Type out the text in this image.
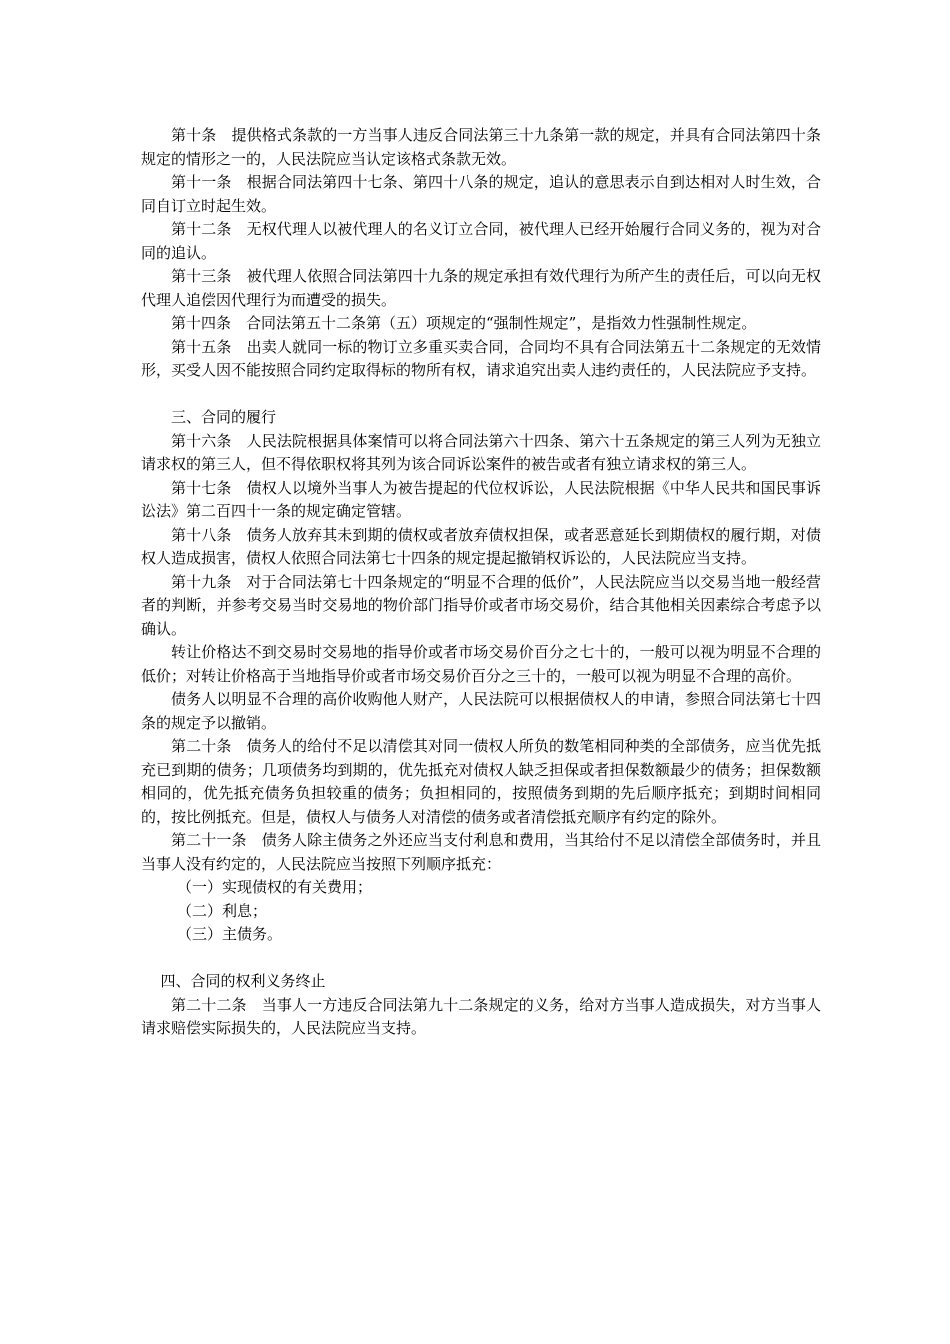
第十条　提供格式条款的一方当事人违反合同法第三十九条第一款的规定，并具有合同法第四十条规定的情形之一的，人民法院应当认定该格式条款无效。

第十一条　根据合同法第四十七条、第四十八条的规定，追认的意思表示自到达相对人时生效，合同自订立时起生效。

第十二条　无权代理人以被代理人的名义订立合同，被代理人已经开始履行合同义务的，视为对合同的追认。

第十三条　被代理人依照合同法第四十九条的规定承担有效代理行为所产生的责任后，可以向无权代理人追偿因代理行为而遭受的损失。

第十四条　合同法第五十二条第（五）项规定的“强制性规定”，是指效力性强制性规定。

第十五条　出卖人就同一标的物订立多重买卖合同，合同均不具有合同法第五十二条规定的无效情形，买受人因不能按照合同约定取得标的物所有权，请求追究出卖人违约责任的，人民法院应予支持。

三、合同的履行

第十六条　人民法院根据具体案情可以将合同法第六十四条、第六十五条规定的第三人列为无独立请求权的第三人，但不得依职权将其列为该合同诉讼案件的被告或者有独立请求权的第三人。

第十七条　债权人以境外当事人为被告提起的代位权诉讼，人民法院根据《中华人民共和国民事诉讼法》第二百四十一条的规定确定管辖。

第十八条　债务人放弃其未到期的债权或者放弃债权担保，或者恶意延长到期债权的履行期，对债权人造成损害，债权人依照合同法第七十四条的规定提起撤销权诉讼的，人民法院应当支持。

第十九条　对于合同法第七十四条规定的“明显不合理的低价”，人民法院应当以交易当地一般经营者的判断，并参考交易当时交易地的物价部门指导价或者市场交易价，结合其他相关因素综合考虑予以确认。

转让价格达不到交易时交易地的指导价或者市场交易价百分之七十的，一般可以视为明显不合理的低价；对转让价格高于当地指导价或者市场交易价百分之三十的，一般可以视为明显不合理的高价。

债务人以明显不合理的高价收购他人财产，人民法院可以根据债权人的申请，参照合同法第七十四条的规定予以撤销。

第二十条　债务人的给付不足以清偿其对同一债权人所负的数笔相同种类的全部债务，应当优先抵充已到期的债务；几项债务均到期的，优先抵充对债权人缺乏担保或者担保数额最少的债务；担保数额相同的，优先抵充债务负担较重的债务；负担相同的，按照债务到期的先后顺序抵充；到期时间相同的，按比例抵充。但是，债权人与债务人对清偿的债务或者清偿抵充顺序有约定的除外。

第二十一条　债务人除主债务之外还应当支付利息和费用，当其给付不足以清偿全部债务时，并且当事人没有约定的，人民法院应当按照下列顺序抵充：

（一）实现债权的有关费用；

（二）利息；

（三）主债务。

四、合同的权利义务终止

第二十二条　当事人一方违反合同法第九十二条规定的义务，给对方当事人造成损失，对方当事人请求赔偿实际损失的，人民法院应当支持。
